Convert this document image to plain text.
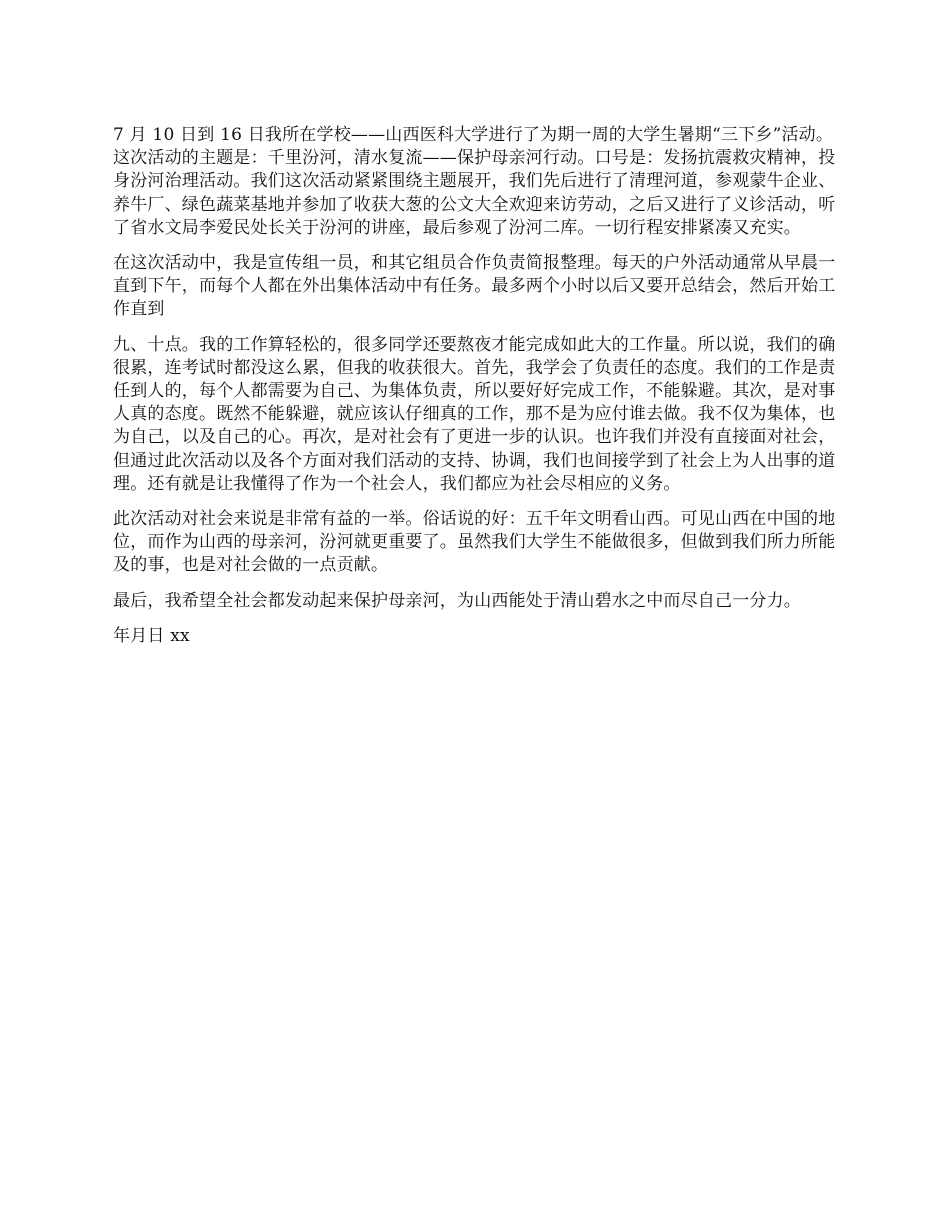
7 月 10 日到 16 日我所在学校——山西医科大学进行了为期一周的大学生暑期“三下乡”活动。这次活动的主题是：千里汾河，清水复流——保护母亲河行动。口号是：发扬抗震救灾精神，投身汾河治理活动。我们这次活动紧紧围绕主题展开，我们先后进行了清理河道，参观蒙牛企业、养牛厂、绿色蔬菜基地并参加了收获大葱的公文大全欢迎来访劳动，之后又进行了义诊活动，听了省水文局李爱民处长关于汾河的讲座，最后参观了汾河二库。一切行程安排紧凑又充实。

在这次活动中，我是宣传组一员，和其它组员合作负责简报整理。每天的户外活动通常从早晨一直到下午，而每个人都在外出集体活动中有任务。最多两个小时以后又要开总结会，然后开始工作直到

九、十点。我的工作算轻松的，很多同学还要熬夜才能完成如此大的工作量。所以说，我们的确很累，连考试时都没这么累，但我的收获很大。首先，我学会了负责任的态度。我们的工作是责任到人的，每个人都需要为自己、为集体负责，所以要好好完成工作，不能躲避。其次，是对事人真的态度。既然不能躲避，就应该认仔细真的工作，那不是为应付谁去做。我不仅为集体，也为自己，以及自己的心。再次，是对社会有了更进一步的认识。也许我们并没有直接面对社会，但通过此次活动以及各个方面对我们活动的支持、协调，我们也间接学到了社会上为人出事的道理。还有就是让我懂得了作为一个社会人，我们都应为社会尽相应的义务。

此次活动对社会来说是非常有益的一举。俗话说的好：五千年文明看山西。可见山西在中国的地位，而作为山西的母亲河，汾河就更重要了。虽然我们大学生不能做很多，但做到我们所力所能及的事，也是对社会做的一点贡献。

最后，我希望全社会都发动起来保护母亲河，为山西能处于清山碧水之中而尽自己一分力。

年月日 xx
